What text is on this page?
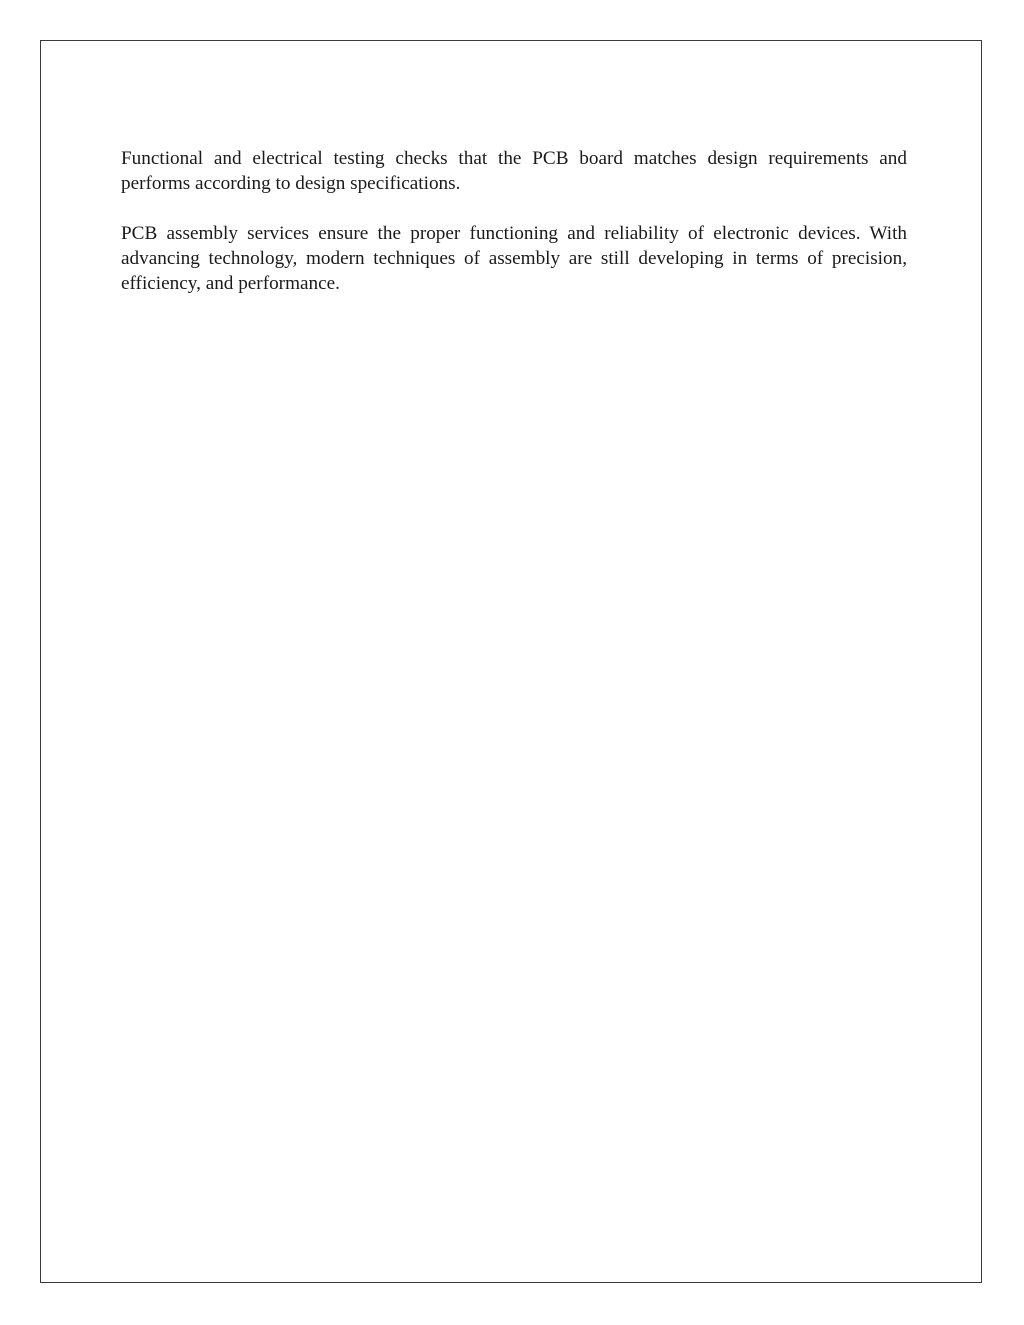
Functional and electrical testing checks that the PCB board matches design requirements and performs according to design specifications.

PCB assembly services ensure the proper functioning and reliability of electronic devices. With advancing technology, modern techniques of assembly are still developing in terms of precision, efficiency, and performance.
